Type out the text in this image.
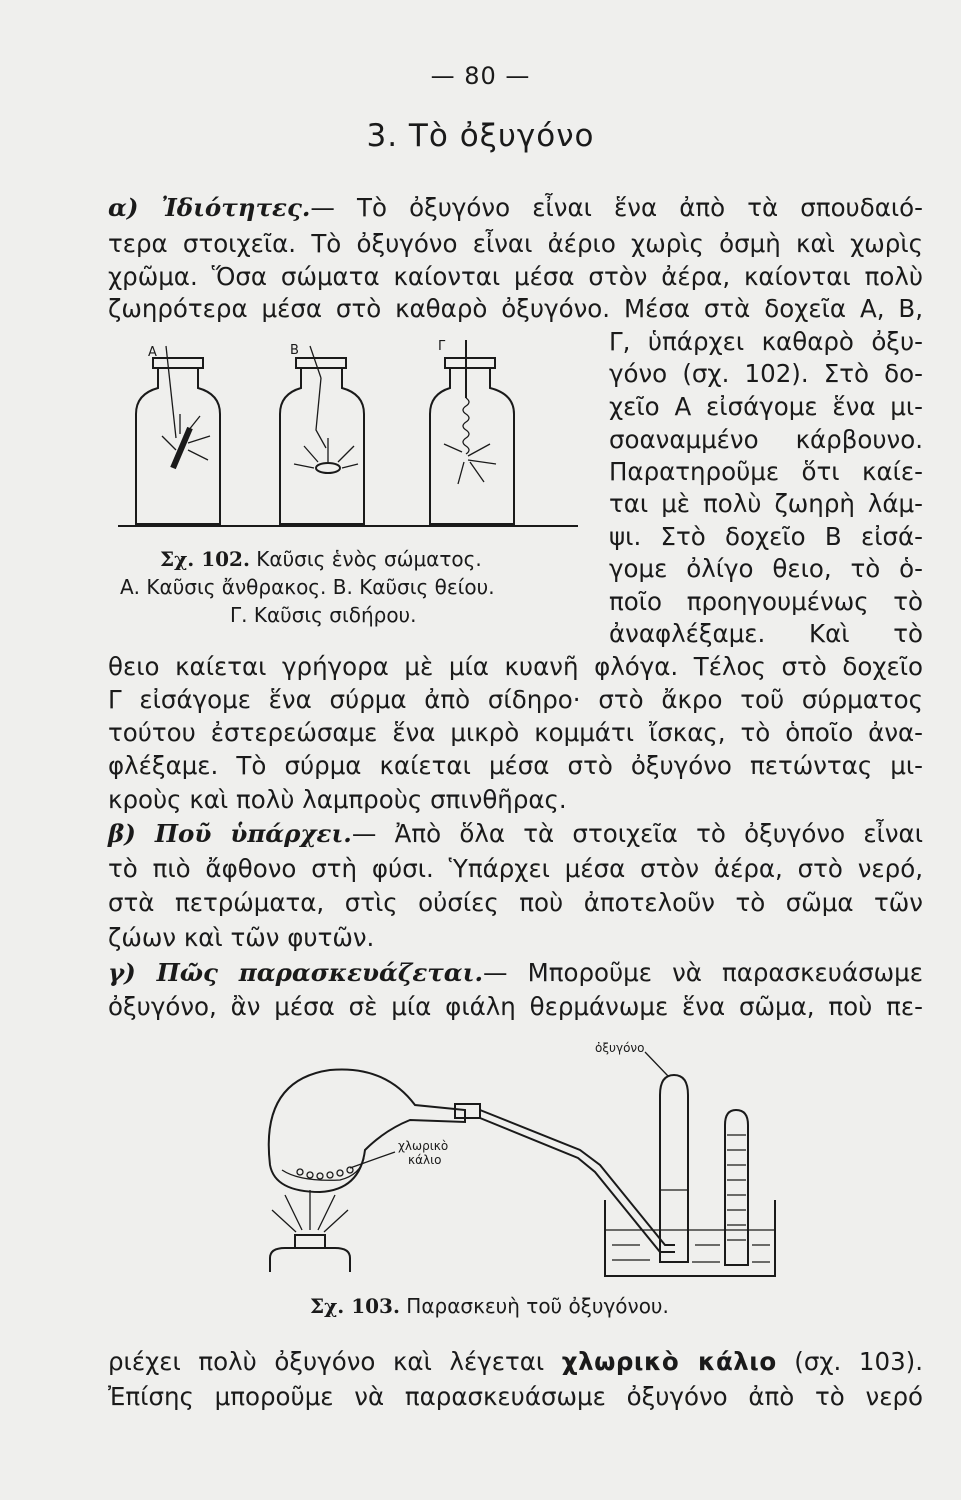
— 80 —
3. Τὸ ὀξυγόνο
α) Ἰδιότητες.— Τὸ ὀξυγόνο εἶναι ἕνα ἀπὸ τὰ σπουδαιό-
τερα στοιχεῖα. Τὸ ὀξυγόνο εἶναι ἀέριο χωρὶς ὀσμὴ καὶ χωρὶς
χρῶμα. Ὅσα σώματα καίονται μέσα στὸν ἀέρα, καίονται πολὺ
ζωηρότερα μέσα στὸ καθαρὸ ὀξυγόνο. Μέσα στὰ δοχεῖα Α, Β,
Γ, ὑπάρχει καθαρὸ ὀξυ-
γόνο (σχ. 102). Στὸ δο-
χεῖο Α εἰσάγομε ἕνα μι-
σοαναμμένο κάρβουνο.
Παρατηροῦμε ὅτι καίε-
ται μὲ πολὺ ζωηρὴ λάμ-
ψι. Στὸ δοχεῖο Β εἰσά-
γομε ὀλίγο θειο, τὸ ὁ-
ποῖο προηγουμένως τὸ
ἀναφλέξαμε. Καὶ τὸ
Α	Β	Γ
Σχ. 102. Καῦσις ἑνὸς σώματος.
Α. Καῦσις ἄνθρακος. Β. Καῦσις θείου.
Γ. Καῦσις σιδήρου.
θειο καίεται γρήγορα μὲ μία κυανῆ φλόγα. Τέλος στὸ δοχεῖο
Γ εἰσάγομε ἕνα σύρμα ἀπὸ σίδηρο· στὸ ἄκρο τοῦ σύρματος
τούτου ἐστερεώσαμε ἕνα μικρὸ κομμάτι ἴσκας, τὸ ὁποῖο ἀνα-
φλέξαμε. Τὸ σύρμα καίεται μέσα στὸ ὀξυγόνο πετώντας μι-
κροὺς καὶ πολὺ λαμπροὺς σπινθῆρας.
β) Ποῦ ὑπάρχει.— Ἀπὸ ὅλα τὰ στοιχεῖα τὸ ὀξυγόνο εἶναι
τὸ πιὸ ἄφθονο στὴ φύσι. Ὑπάρχει μέσα στὸν ἀέρα, στὸ νερό,
στὰ πετρώματα, στὶς οὐσίες ποὺ ἀποτελοῦν τὸ σῶμα τῶν
ζώων καὶ τῶν φυτῶν.
γ) Πῶς παρασκευάζεται.— Μποροῦμε νὰ παρασκευάσωμε
ὀξυγόνο, ἂν μέσα σὲ μία φιάλη θερμάνωμε ἕνα σῶμα, ποὺ πε-
ὀξυγόνο
χλωρικὸ
κάλιο
Σχ. 103. Παρασκευὴ τοῦ ὀξυγόνου.
ριέχει πολὺ ὀξυγόνο καὶ λέγεται χλωρικὸ κάλιο (σχ. 103).
Ἐπίσης μποροῦμε νὰ παρασκευάσωμε ὀξυγόνο ἀπὸ τὸ νερό
